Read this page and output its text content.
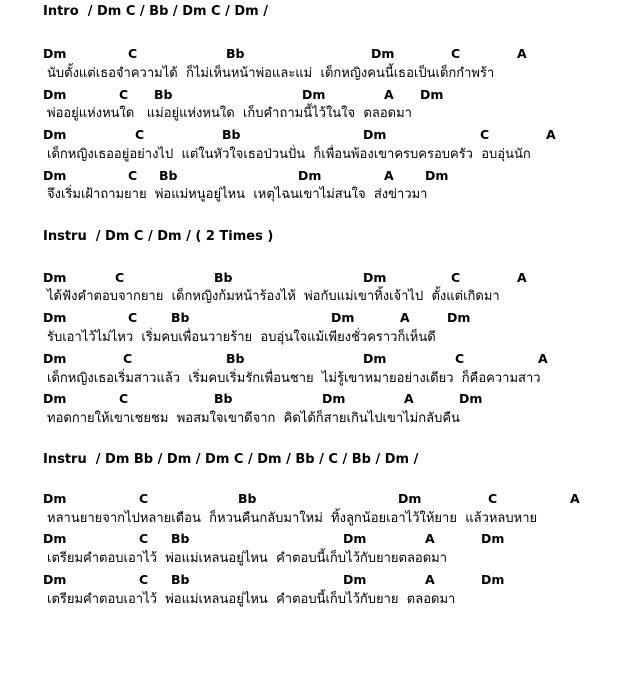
Intro  / Dm C / Bb / Dm C / Dm /

Dm

	C

	Bb

	Dm

	C

	A

นับตั้งแต่เธอจำความได้  ก็ไม่เห็นหน้าพ่อและแม่  เด็กหญิงคนนี้เธอเป็นเด็กกำพร้า

Dm

	C

Bb

	Dm

	A

Dm

พ่ออยู่แห่งหนใด   แม่อยู่แห่งหนใด  เก็บคำถามนี้ไว้ในใจ  ตลอดมา

Dm

	C

	Bb

	Dm

	C

	A

เด็กหญิงเธออยู่อย่างไป  แต่ในหัวใจเธอป่วนปั่น  ก็เพื่อนพ้องเขาครบครอบครัว  อบอุ่นนัก

Dm

	C

Bb

	Dm

	A

	Dm

จึงเริ่มเฝ้าถามยาย  พ่อแม่หนูอยู่ไหน  เหตุไฉนเขาไม่สนใจ  ส่งข่าวมา
Instru  / Dm C / Dm / ( 2 Times )

Dm

	C

	Bb

	Dm

	C

	A

ได้ฟังคำตอบจากยาย  เด็กหญิงก้มหน้าร้องไห้  พ่อกับแม่เขาทิ้งเจ้าไป  ตั้งแต่เกิดมา

Dm

	C

	Bb

	Dm

	A

	Dm

รับเอาไว้ไม่ไหว  เริ่มคบเพื่อนวายร้าย  อบอุ่นใจแม้เพียงชั่วคราวก็เห็นดี

Dm

	C

	Bb

	Dm

	C

	A

เด็กหญิงเธอเริ่มสาวแล้ว  เริ่มคบเริ่มรักเพื่อนชาย  ไม่รู้เขาหมายอย่างเดียว  ก็คือความสาว

Dm

	C

	Bb

	Dm

	A

	Dm

ทอดกายให้เขาเชยชม  พอสมใจเขาดีจาก  คิดได้ก็สายเกินไปเขาไม่กลับคืน
Instru  / Dm Bb / Dm / Dm C / Dm / Bb / C / Bb / Dm /

Dm

	C

	Bb

	Dm

	C

	A

หลานยายจากไปหลายเดือน  ก็หวนคืนกลับมาใหม่  ทิ้งลูกน้อยเอาไว้ให้ยาย  แล้วหลบหาย

Dm

	C

Bb

	Dm

	A

	Dm

เตรียมคำตอบเอาไว้  พ่อแม่เหลนอยู่ไหน  คำตอบนี้เก็บไว้กับยายตลอดมา

Dm

	C

Bb

	Dm

	A

	Dm

เตรียมคำตอบเอาไว้  พ่อแม่เหลนอยู่ไหน  คำตอบนี้เก็บไว้กับยาย  ตลอดมา
